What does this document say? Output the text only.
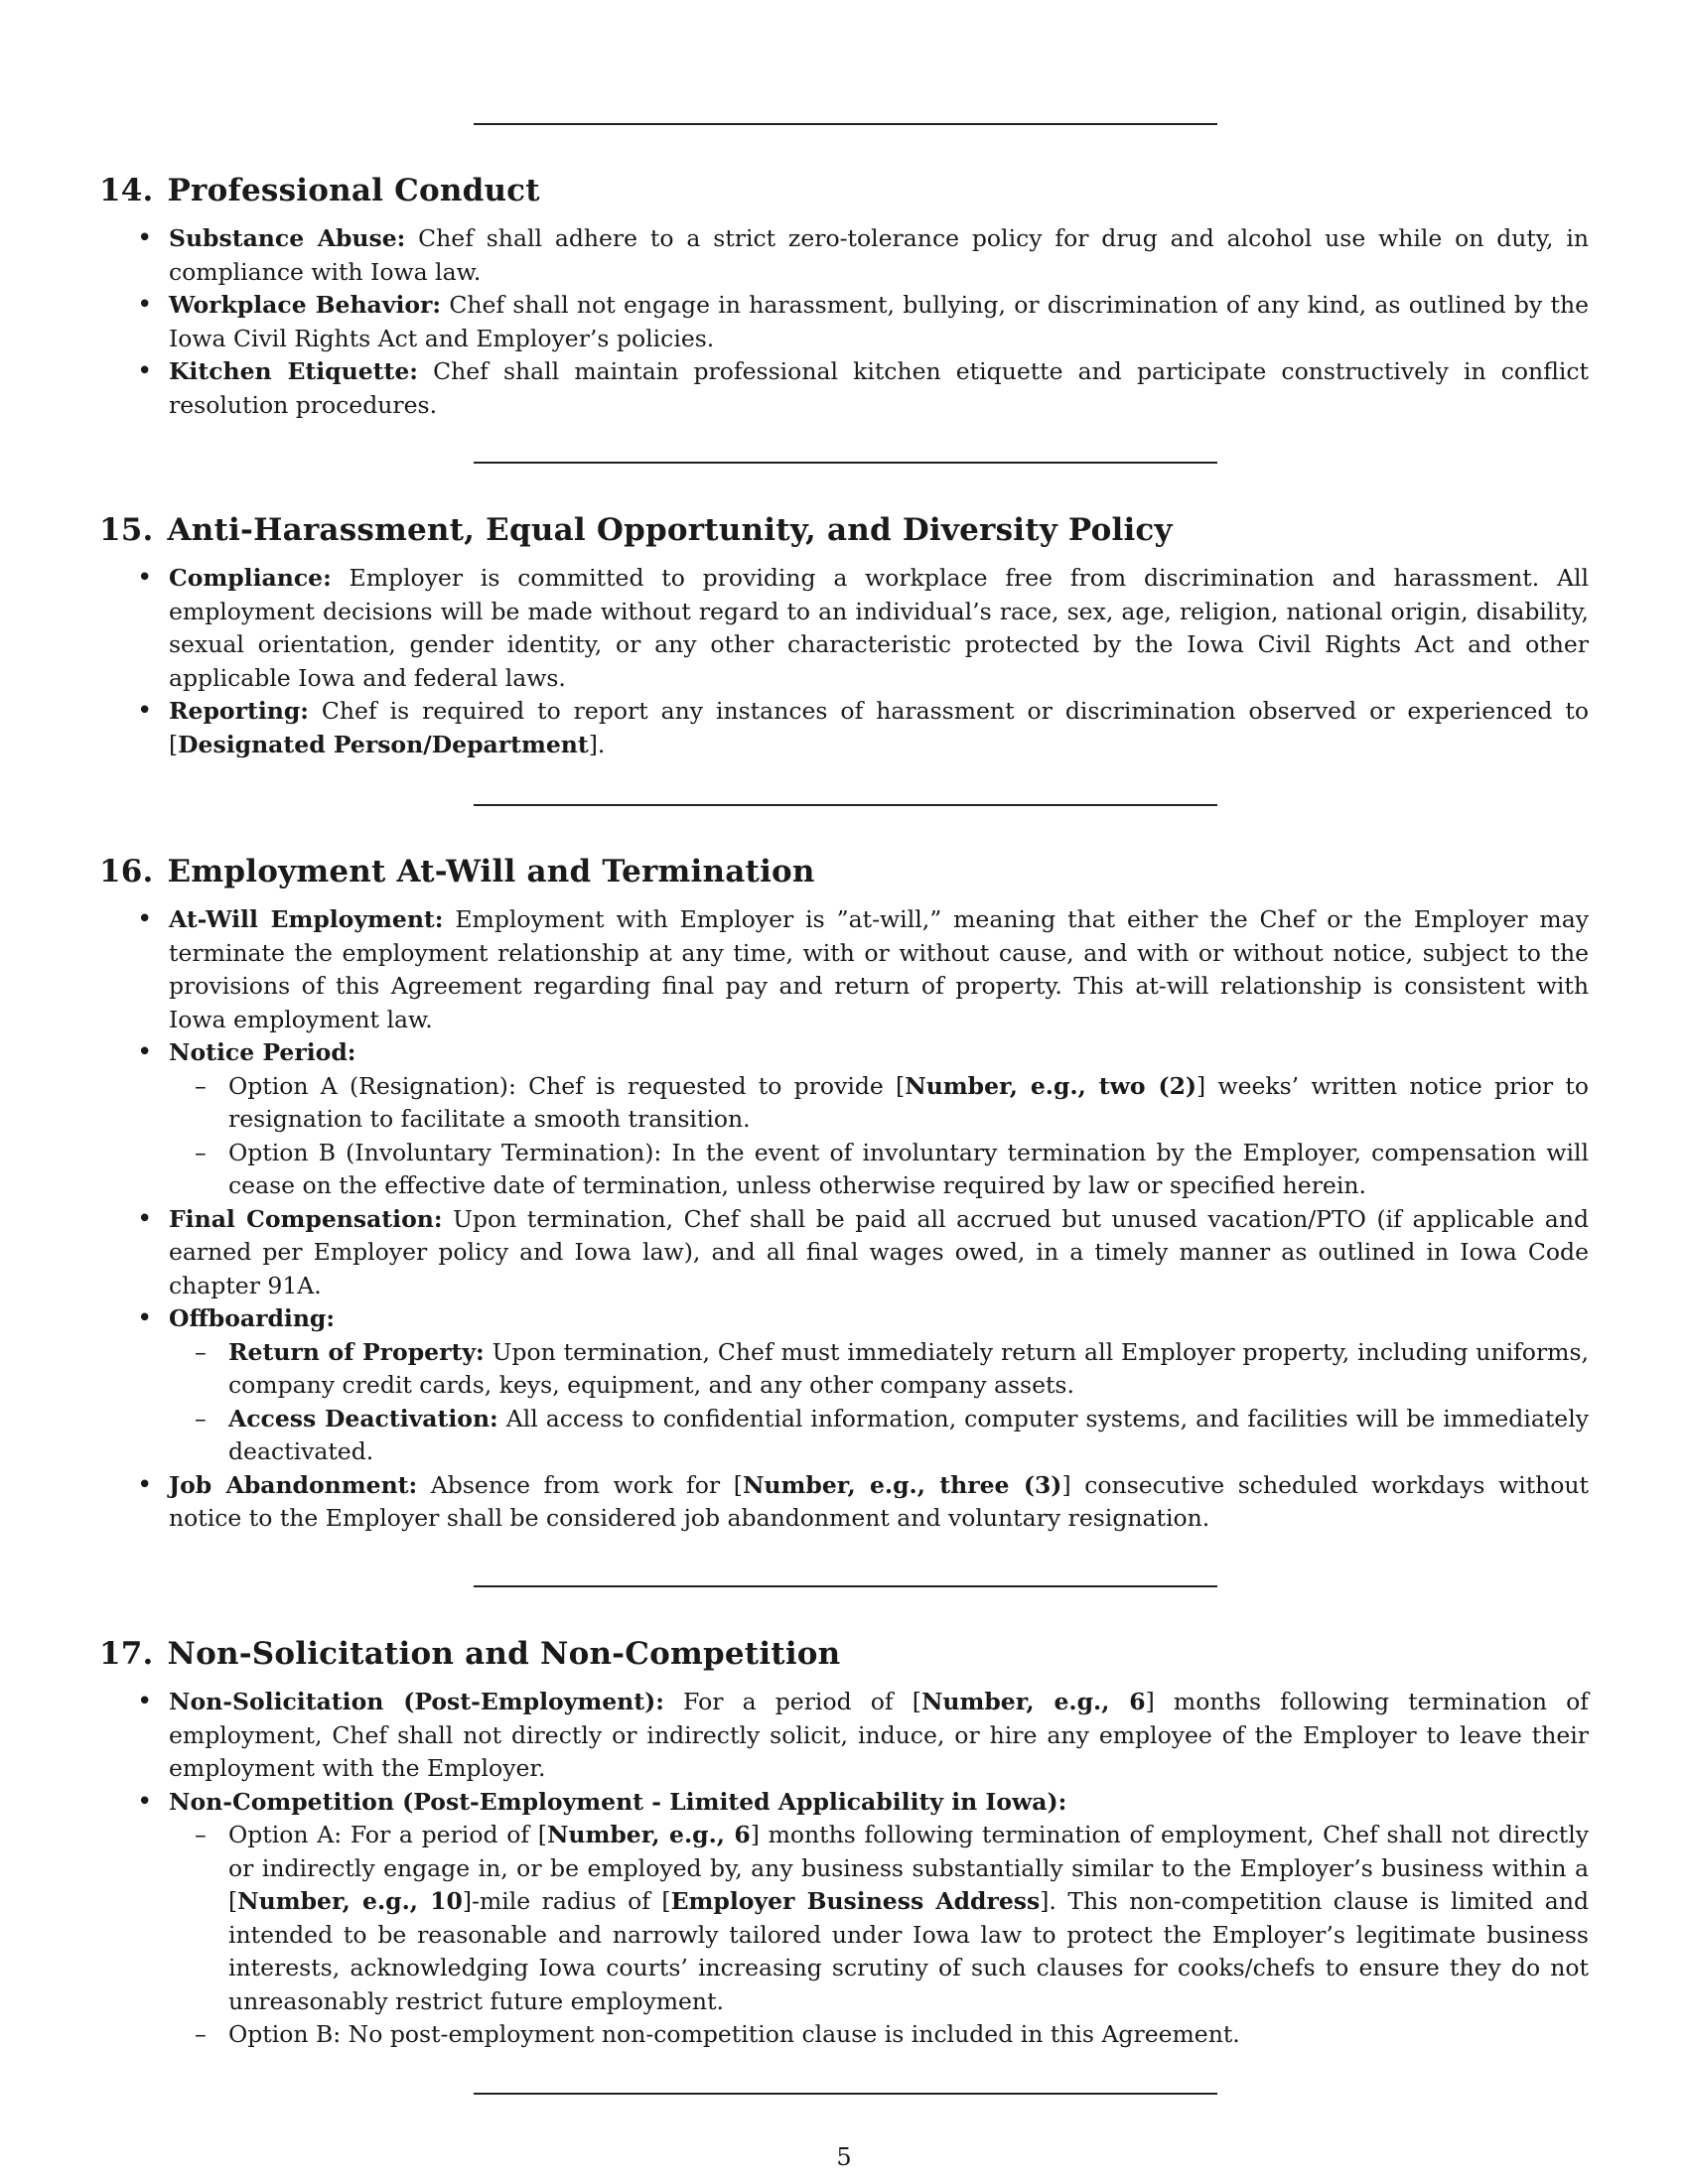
14. Professional Conduct
• Substance Abuse: Chef shall adhere to a strict zero-tolerance policy for drug and alcohol use while on duty, in compliance with Iowa law.
• Workplace Behavior: Chef shall not engage in harassment, bullying, or discrimination of any kind, as outlined by the Iowa Civil Rights Act and Employer’s policies.
• Kitchen Etiquette: Chef shall maintain professional kitchen etiquette and participate constructively in conflict resolution procedures.
15. Anti-Harassment, Equal Opportunity, and Diversity Policy
• Compliance: Employer is committed to providing a workplace free from discrimination and harassment. All employment decisions will be made without regard to an individual’s race, sex, age, religion, national origin, disability, sexual orientation, gender identity, or any other characteristic protected by the Iowa Civil Rights Act and other applicable Iowa and federal laws.
• Reporting: Chef is required to report any instances of harassment or discrimination observed or experienced to [Designated Person/Department].
16. Employment At-Will and Termination
• At-Will Employment: Employment with Employer is ”at-will,” meaning that either the Chef or the Employer may terminate the employment relationship at any time, with or without cause, and with or without notice, subject to the provisions of this Agreement regarding final pay and return of property. This at-will relationship is consistent with Iowa employment law.
• Notice Period:
– Option A (Resignation): Chef is requested to provide [Number, e.g., two (2)] weeks’ written notice prior to resignation to facilitate a smooth transition.
– Option B (Involuntary Termination): In the event of involuntary termination by the Employer, compensation will cease on the effective date of termination, unless otherwise required by law or specified herein.
• Final Compensation: Upon termination, Chef shall be paid all accrued but unused vacation/PTO (if applicable and earned per Employer policy and Iowa law), and all final wages owed, in a timely manner as outlined in Iowa Code chapter 91A.
• Offboarding:
– Return of Property: Upon termination, Chef must immediately return all Employer property, including uniforms, company credit cards, keys, equipment, and any other company assets.
– Access Deactivation: All access to confidential information, computer systems, and facilities will be immediately deactivated.
• Job Abandonment: Absence from work for [Number, e.g., three (3)] consecutive scheduled workdays without notice to the Employer shall be considered job abandonment and voluntary resignation.
17. Non-Solicitation and Non-Competition
• Non-Solicitation (Post-Employment): For a period of [Number, e.g., 6] months following termination of employment, Chef shall not directly or indirectly solicit, induce, or hire any employee of the Employer to leave their employment with the Employer.
• Non-Competition (Post-Employment - Limited Applicability in Iowa):
– Option A: For a period of [Number, e.g., 6] months following termination of employment, Chef shall not directly or indirectly engage in, or be employed by, any business substantially similar to the Employer’s business within a [Number, e.g., 10]-mile radius of [Employer Business Address]. This non-competition clause is limited and intended to be reasonable and narrowly tailored under Iowa law to protect the Employer’s legitimate business interests, acknowledging Iowa courts’ increasing scrutiny of such clauses for cooks/chefs to ensure they do not unreasonably restrict future employment.
– Option B: No post-employment non-competition clause is included in this Agreement.
5
